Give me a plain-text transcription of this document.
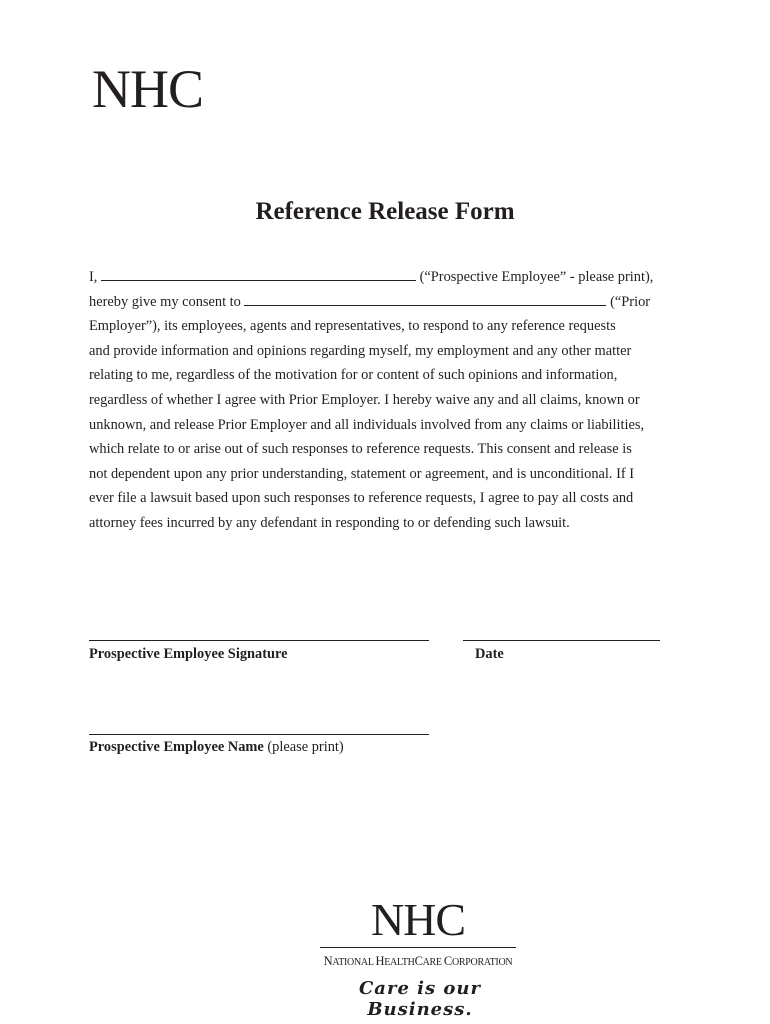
NHC
Reference Release Form
I,	(“Prospective Employee” - please print),
hereby give my consent to	(“Prior
Employer”), its employees, agents and representatives, to respond to any reference requests
and provide information and opinions regarding myself, my employment and any other matter
relating to me, regardless of the motivation for or content of such opinions and information,
regardless of whether I agree with Prior Employer. I hereby waive any and all claims, known or
unknown, and release Prior Employer and all individuals involved from any claims or liabilities,
which relate to or arise out of such responses to reference requests. This consent and release is
not dependent upon any prior understanding, statement or agreement, and is unconditional. If I
ever file a lawsuit based upon such responses to reference requests, I agree to pay all costs and
attorney fees incurred by any defendant in responding to or defending such lawsuit.
Prospective Employee Signature	Date
Prospective Employee Name (please print)
NHC
NATIONAL HEALTHCARE CORPORATION
Care is our Business.
